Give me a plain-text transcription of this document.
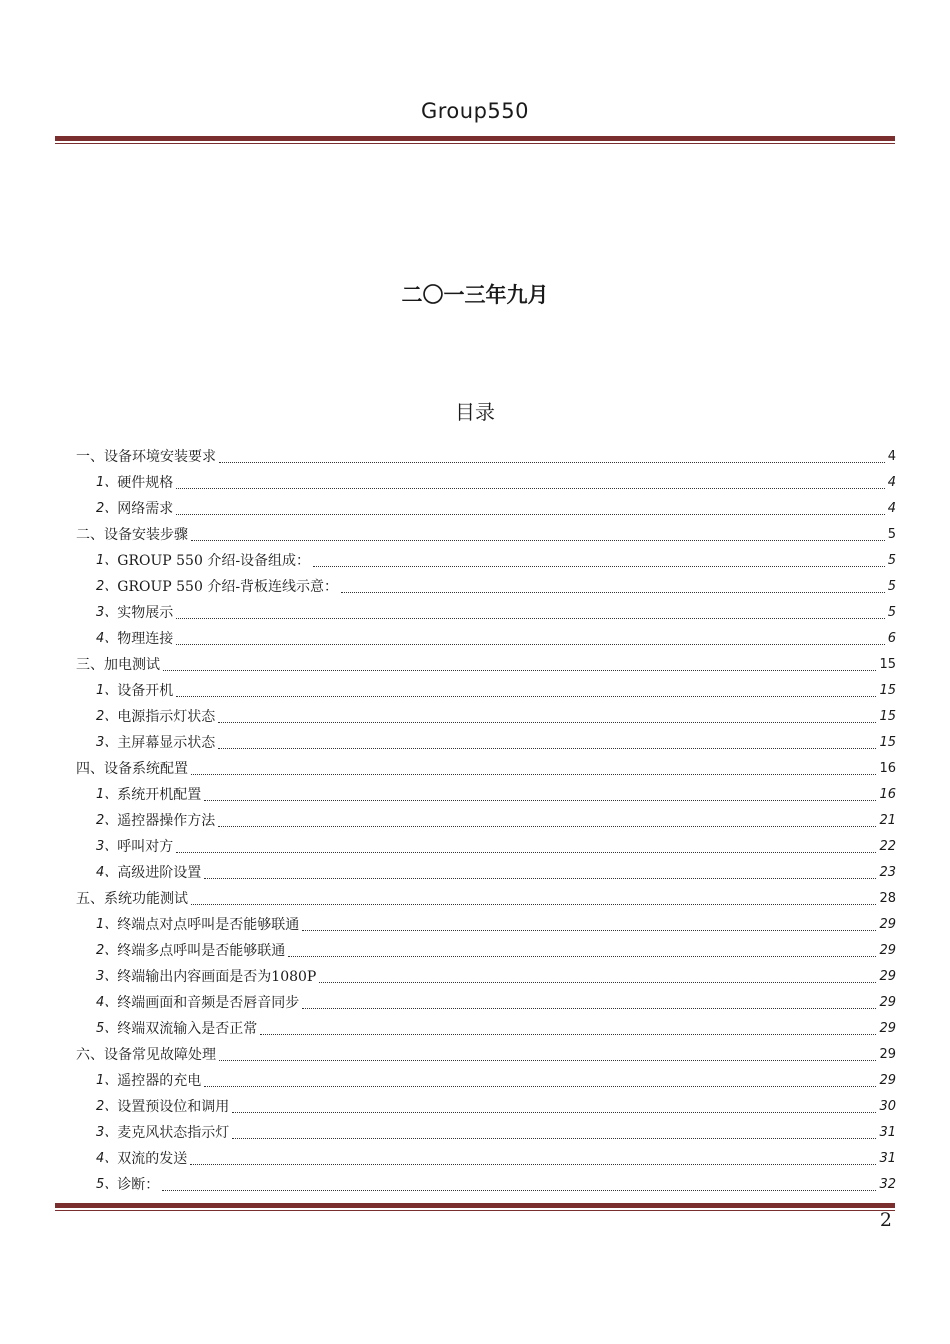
Group550
二〇一三年九月
目录
一、 设备环境安装要求	4
1、 硬件规格	4
2、 网络需求	4
二、 设备安装步骤	5
1、 GROUP 550 介绍-设备组成：	5
2、 GROUP 550 介绍-背板连线示意：	5
3、 实物展示	5
4、 物理连接	6
三、 加电测试	15
1、 设备开机	15
2、 电源指示灯状态	15
3、 主屏幕显示状态	15
四、 设备系统配置	16
1、 系统开机配置	16
2、 遥控器操作方法	21
3、 呼叫对方	22
4、 高级进阶设置	23
五、 系统功能测试	28
1、 终端点对点呼叫是否能够联通	29
2、 终端多点呼叫是否能够联通	29
3、 终端输出内容画面是否为1080P	29
4、 终端画面和音频是否唇音同步	29
5、 终端双流输入是否正常	29
六、 设备常见故障处理	29
1、 遥控器的充电	29
2、 设置预设位和调用	30
3、 麦克风状态指示灯	31
4、 双流的发送	31
5、 诊断：	32
2
